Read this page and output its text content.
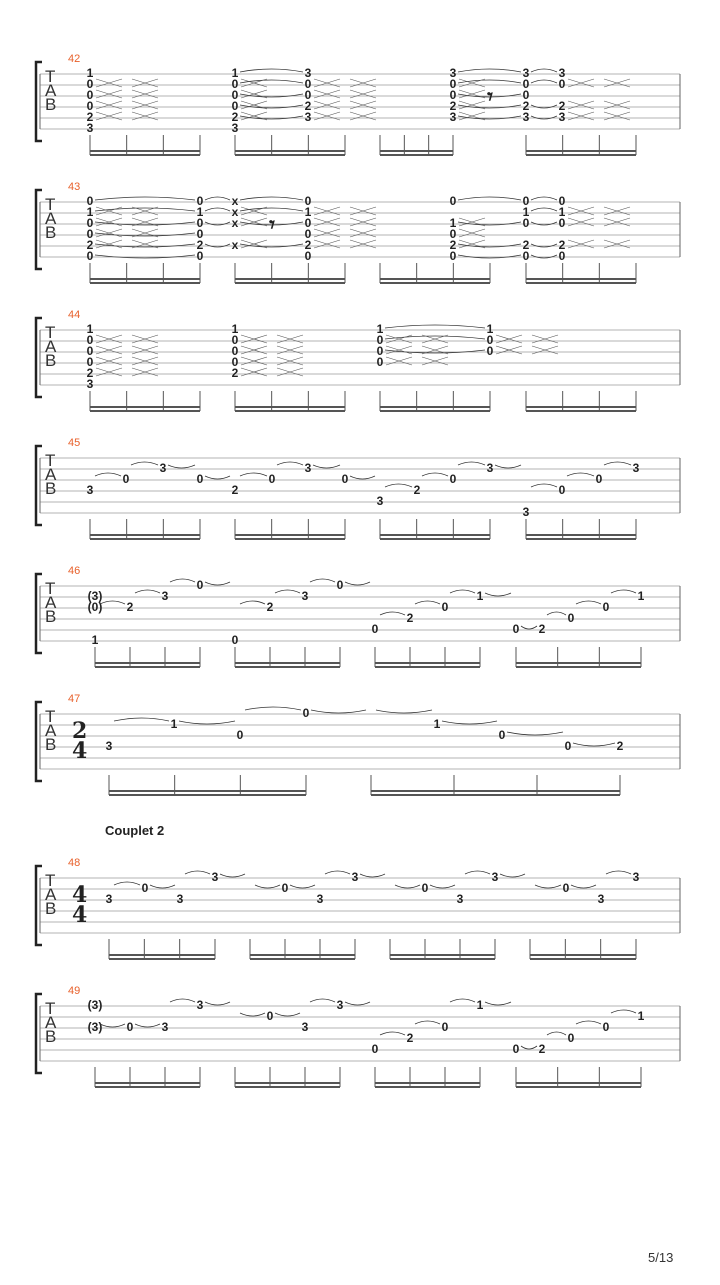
T
A
B
42
1
0
0
0
2
3
1
0
0
0
2
3
3
0
0
2
3
3
0
0
2
3
3
0
0
2
3
3
0
2
3
𝄾
T
A
B
43
0
1
0
0
2
0
0
1
0
0
2
0
x
x
x
x
0
1
0
0
2
0
0
1
0
2
0
0
1
0
2
0
0
1
0
2
0
𝄾
T
A
B
44
1
0
0
0
2
3
1
0
0
0
2
1
0
0
0
1
0
0
T
A
B
45
3
0
3
0
2
0
3
0
3
2
0
3
3
0
0
3
T
A
B
46
(3)
(0)
1
2
3
0
0
2
3
0
0
2
0
1
0 2
0
0
1
T
A
B
47
2
4 3
1
0
0
1
0
0	2
T
A
B
48
4
4
3
0
3
3
0
3
3
0
3
3
0
3
3
T
A
B
49
(3)
(3) 0 3
3
0
3
3
0
2
0
1
0 2
0
0
1
Couplet 2
5/13
